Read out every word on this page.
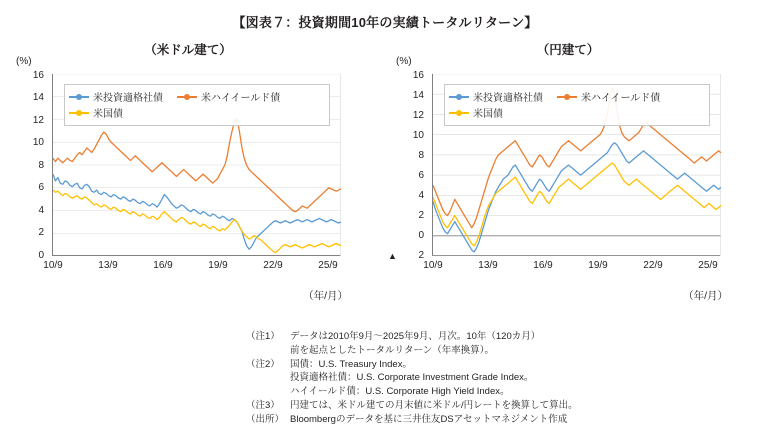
【図表７：投資期間10年の実績トータルリターン】
（米ドル建て）
(%)
16
14
12
10
8
6
4
2
0
米投資適格社債	米ハイイールド債
米国債
10/9	13/9	16/9	19/9	22/9	25/9
（年/月）
（円建て）
(%)
16
14
12
10
8
6
4
2
0
▲	2
米投資適格社債	米ハイイールド債
米国債
10/9	13/9	16/9	19/9	22/9	25/9
（年/月）
（注1）	データは2010年9月～2025年9月、月次。10年（120カ月）
前を起点としたトータルリターン（年率換算）。
（注2）	国債：U.S. Treasury Index。
投資適格社債：U.S. Corporate Investment Grade Index。
ハイイールド債：U.S. Corporate High Yield Index。
（注3）	円建ては、米ドル建ての月末値に米ドル/円レートを換算して算出。
（出所） Bloombergのデータを基に三井住友DSアセットマネジメント作成
